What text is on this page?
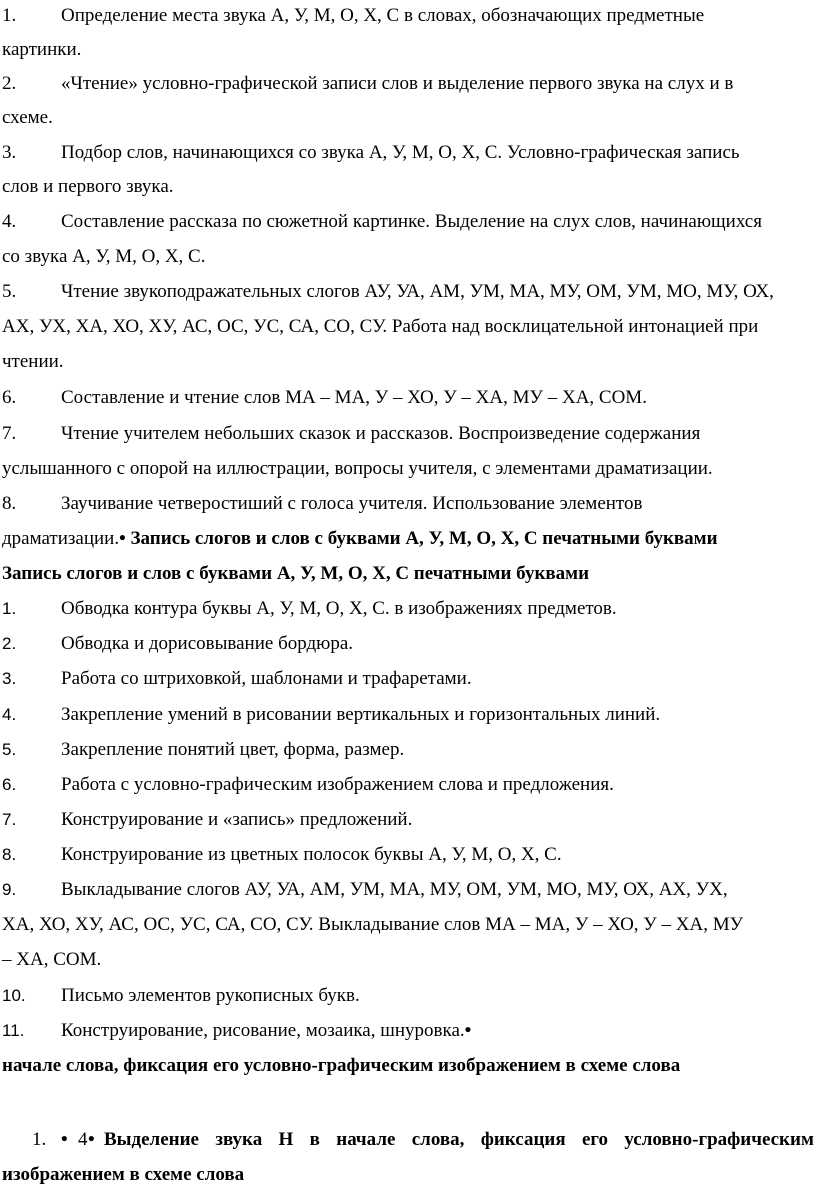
1. Определение места звука А, У, М, О, Х, С в словах, обозначающих предметные
картинки.
2. «Чтение» условно-графической записи слов и выделение первого звука на слух и в
схеме.
3. Подбор слов, начинающихся со звука А, У, М, О, Х, С. Условно-графическая запись
слов и первого звука.
4. Составление рассказа по сюжетной картинке. Выделение на слух слов, начинающихся
со звука А, У, М, О, Х, С.
5. Чтение звукоподражательных слогов АУ, УА, АМ, УМ, МА, МУ, ОМ, УМ, МО, МУ, ОХ,
АХ, УХ, ХА, ХО, ХУ, АС, ОС, УС, СА, СО, СУ. Работа над восклицательной интонацией при
чтении.
6. Составление и чтение слов МА – МА, У – ХО, У – ХА, МУ – ХА, СОМ.
7. Чтение учителем небольших сказок и рассказов. Воспроизведение содержания
услышанного с опорой на иллюстрации, вопросы учителя, с элементами драматизации.
8. Заучивание четверостиший с голоса учителя. Использование элементов
драматизации.• Запись слогов и слов с буквами А, У, М, О, Х, С печатными буквами
Запись слогов и слов с буквами А, У, М, О, Х, С печатными буквами
1. Обводка контура буквы А, У, М, О, Х, С. в изображениях предметов.
2. Обводка и дорисовывание бордюра.
3. Работа со штриховкой, шаблонами и трафаретами.
4. Закрепление умений в рисовании вертикальных и горизонтальных линий.
5. Закрепление понятий цвет, форма, размер.
6. Работа с условно-графическим изображением слова и предложения.
7. Конструирование и «запись» предложений.
8. Конструирование из цветных полосок буквы А, У, М, О, Х, С.
9. Выкладывание слогов АУ, УА, АМ, УМ, МА, МУ, ОМ, УМ, МО, МУ, ОХ, АХ, УХ,
ХА, ХО, ХУ, АС, ОС, УС, СА, СО, СУ. Выкладывание слов МА – МА, У – ХО, У – ХА, МУ
– ХА, СОМ.
10. Письмо элементов рукописных букв.
11. Конструирование, рисование, мозаика, шнуровка.•
начале слова, фиксация его условно-графическим изображением в схеме слова
1. • 4 • Выделение звука Н в начале слова, фиксация его условно-графическим
изображением в схеме слова
